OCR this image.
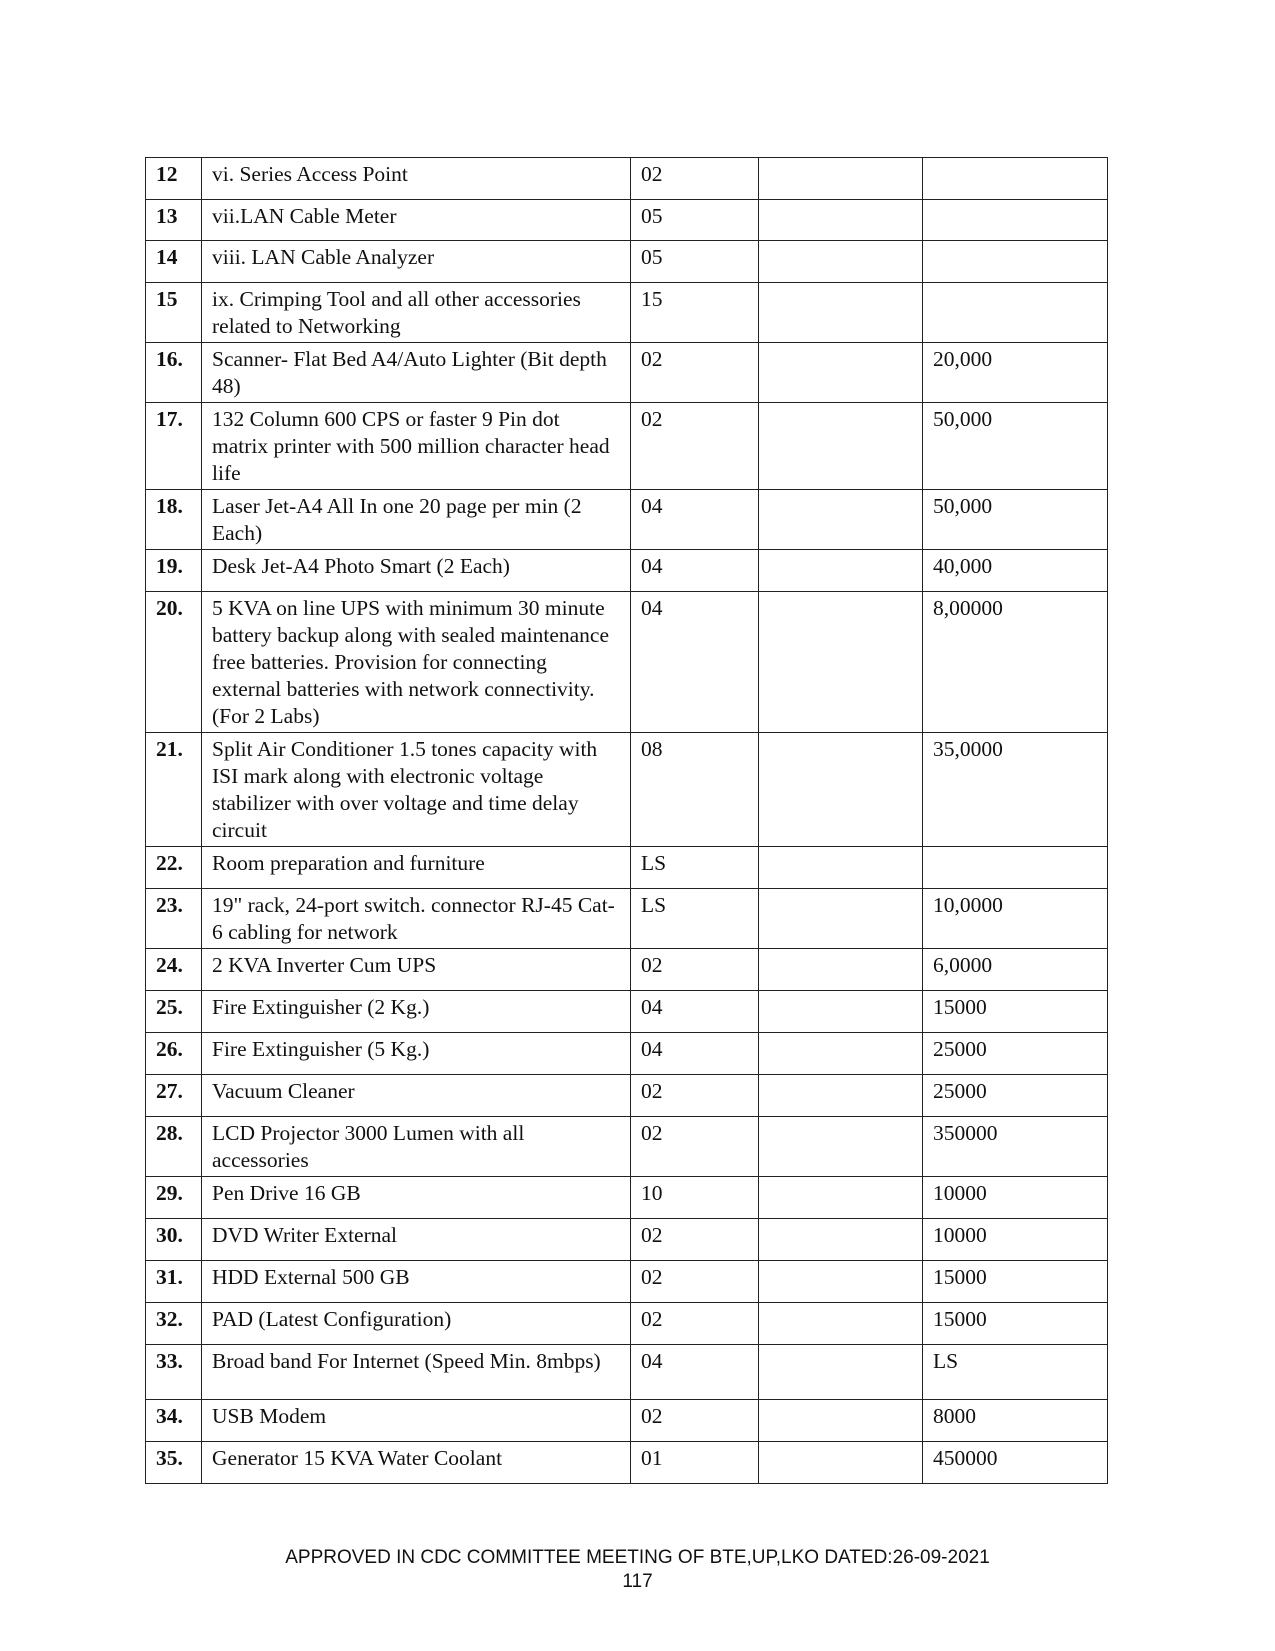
12	vi. Series Access Point	02		
13	vii.LAN Cable Meter	05		
14	viii. LAN Cable Analyzer	05		
15	ix. Crimping Tool and all other accessories related to Networking	15		
16.	Scanner- Flat Bed A4/Auto Lighter (Bit depth 48)	02		20,000
17.	132 Column 600 CPS or faster 9 Pin dot matrix printer with 500 million character head life	02		50,000
18.	Laser Jet-A4 All In one 20 page per min (2 Each)	04		50,000
19.	Desk Jet-A4 Photo Smart (2 Each)	04		40,000
20.	5 KVA on line UPS with minimum 30 minute battery backup along with sealed maintenance free batteries. Provision for connecting external batteries with network connectivity.(For 2 Labs)	04		8,00000
21.	Split Air Conditioner 1.5 tones capacity with ISI mark along with electronic voltage stabilizer with over voltage and time delay circuit	08		35,0000
22.	Room preparation and furniture	LS		
23.	19" rack, 24-port switch. connector RJ-45 Cat-6 cabling for network	LS		10,0000
24.	2 KVA Inverter Cum UPS	02		6,0000
25.	Fire Extinguisher (2 Kg.)	04		15000
26.	Fire Extinguisher (5 Kg.)	04		25000
27.	Vacuum Cleaner	02		25000
28.	LCD Projector 3000 Lumen with all accessories	02		350000
29.	Pen Drive 16 GB	10		10000
30.	DVD Writer External	02		10000
31.	HDD External 500 GB	02		15000
32.	PAD (Latest Configuration)	02		15000
33.	Broad band For Internet (Speed Min. 8mbps)	04		LS
34.	USB Modem	02		8000
35.	Generator 15 KVA Water Coolant	01		450000
APPROVED IN CDC COMMITTEE MEETING OF BTE,UP,LKO DATED:26-09-2021
117
